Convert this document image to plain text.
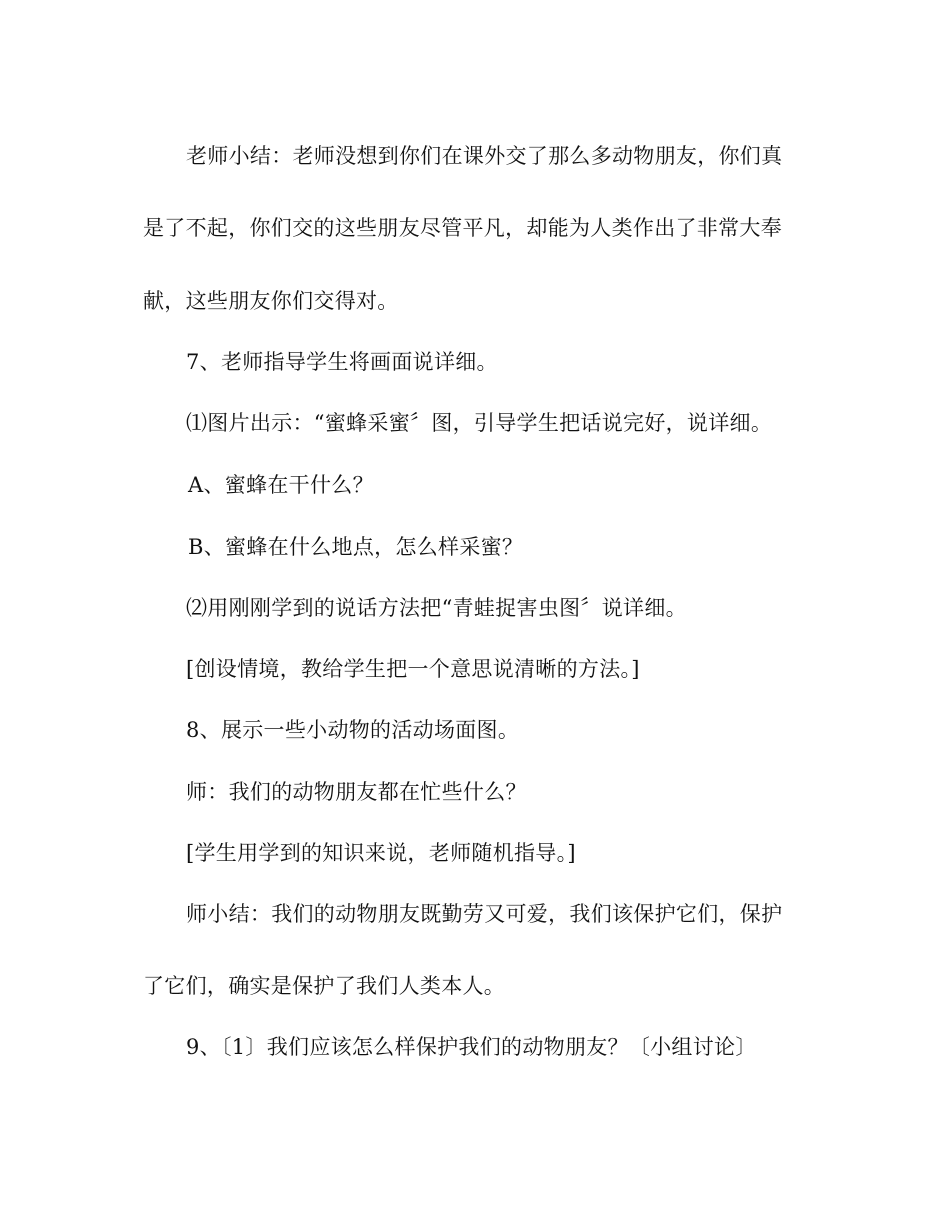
老师小结：老师没想到你们在课外交了那么多动物朋友，你们真
是了不起，你们交的这些朋友尽管平凡，却能为人类作出了非常大奉
献，这些朋友你们交得对。
7、老师指导学生将画面说详细。
⑴图片出示：“蜜蜂采蜜〞图，引导学生把话说完好，说详细。
A、蜜蜂在干什么？
B、蜜蜂在什么地点，怎么样采蜜？
⑵用刚刚学到的说话方法把“青蛙捉害虫图〞说详细。
[创设情境，教给学生把一个意思说清晰的方法。]
8、展示一些小动物的活动场面图。
师：我们的动物朋友都在忙些什么？
[学生用学到的知识来说，老师随机指导。]
师小结：我们的动物朋友既勤劳又可爱，我们该保护它们，保护
了它们，确实是保护了我们人类本人。
9、〔1〕我们应该怎么样保护我们的动物朋友？〔小组讨论〕
